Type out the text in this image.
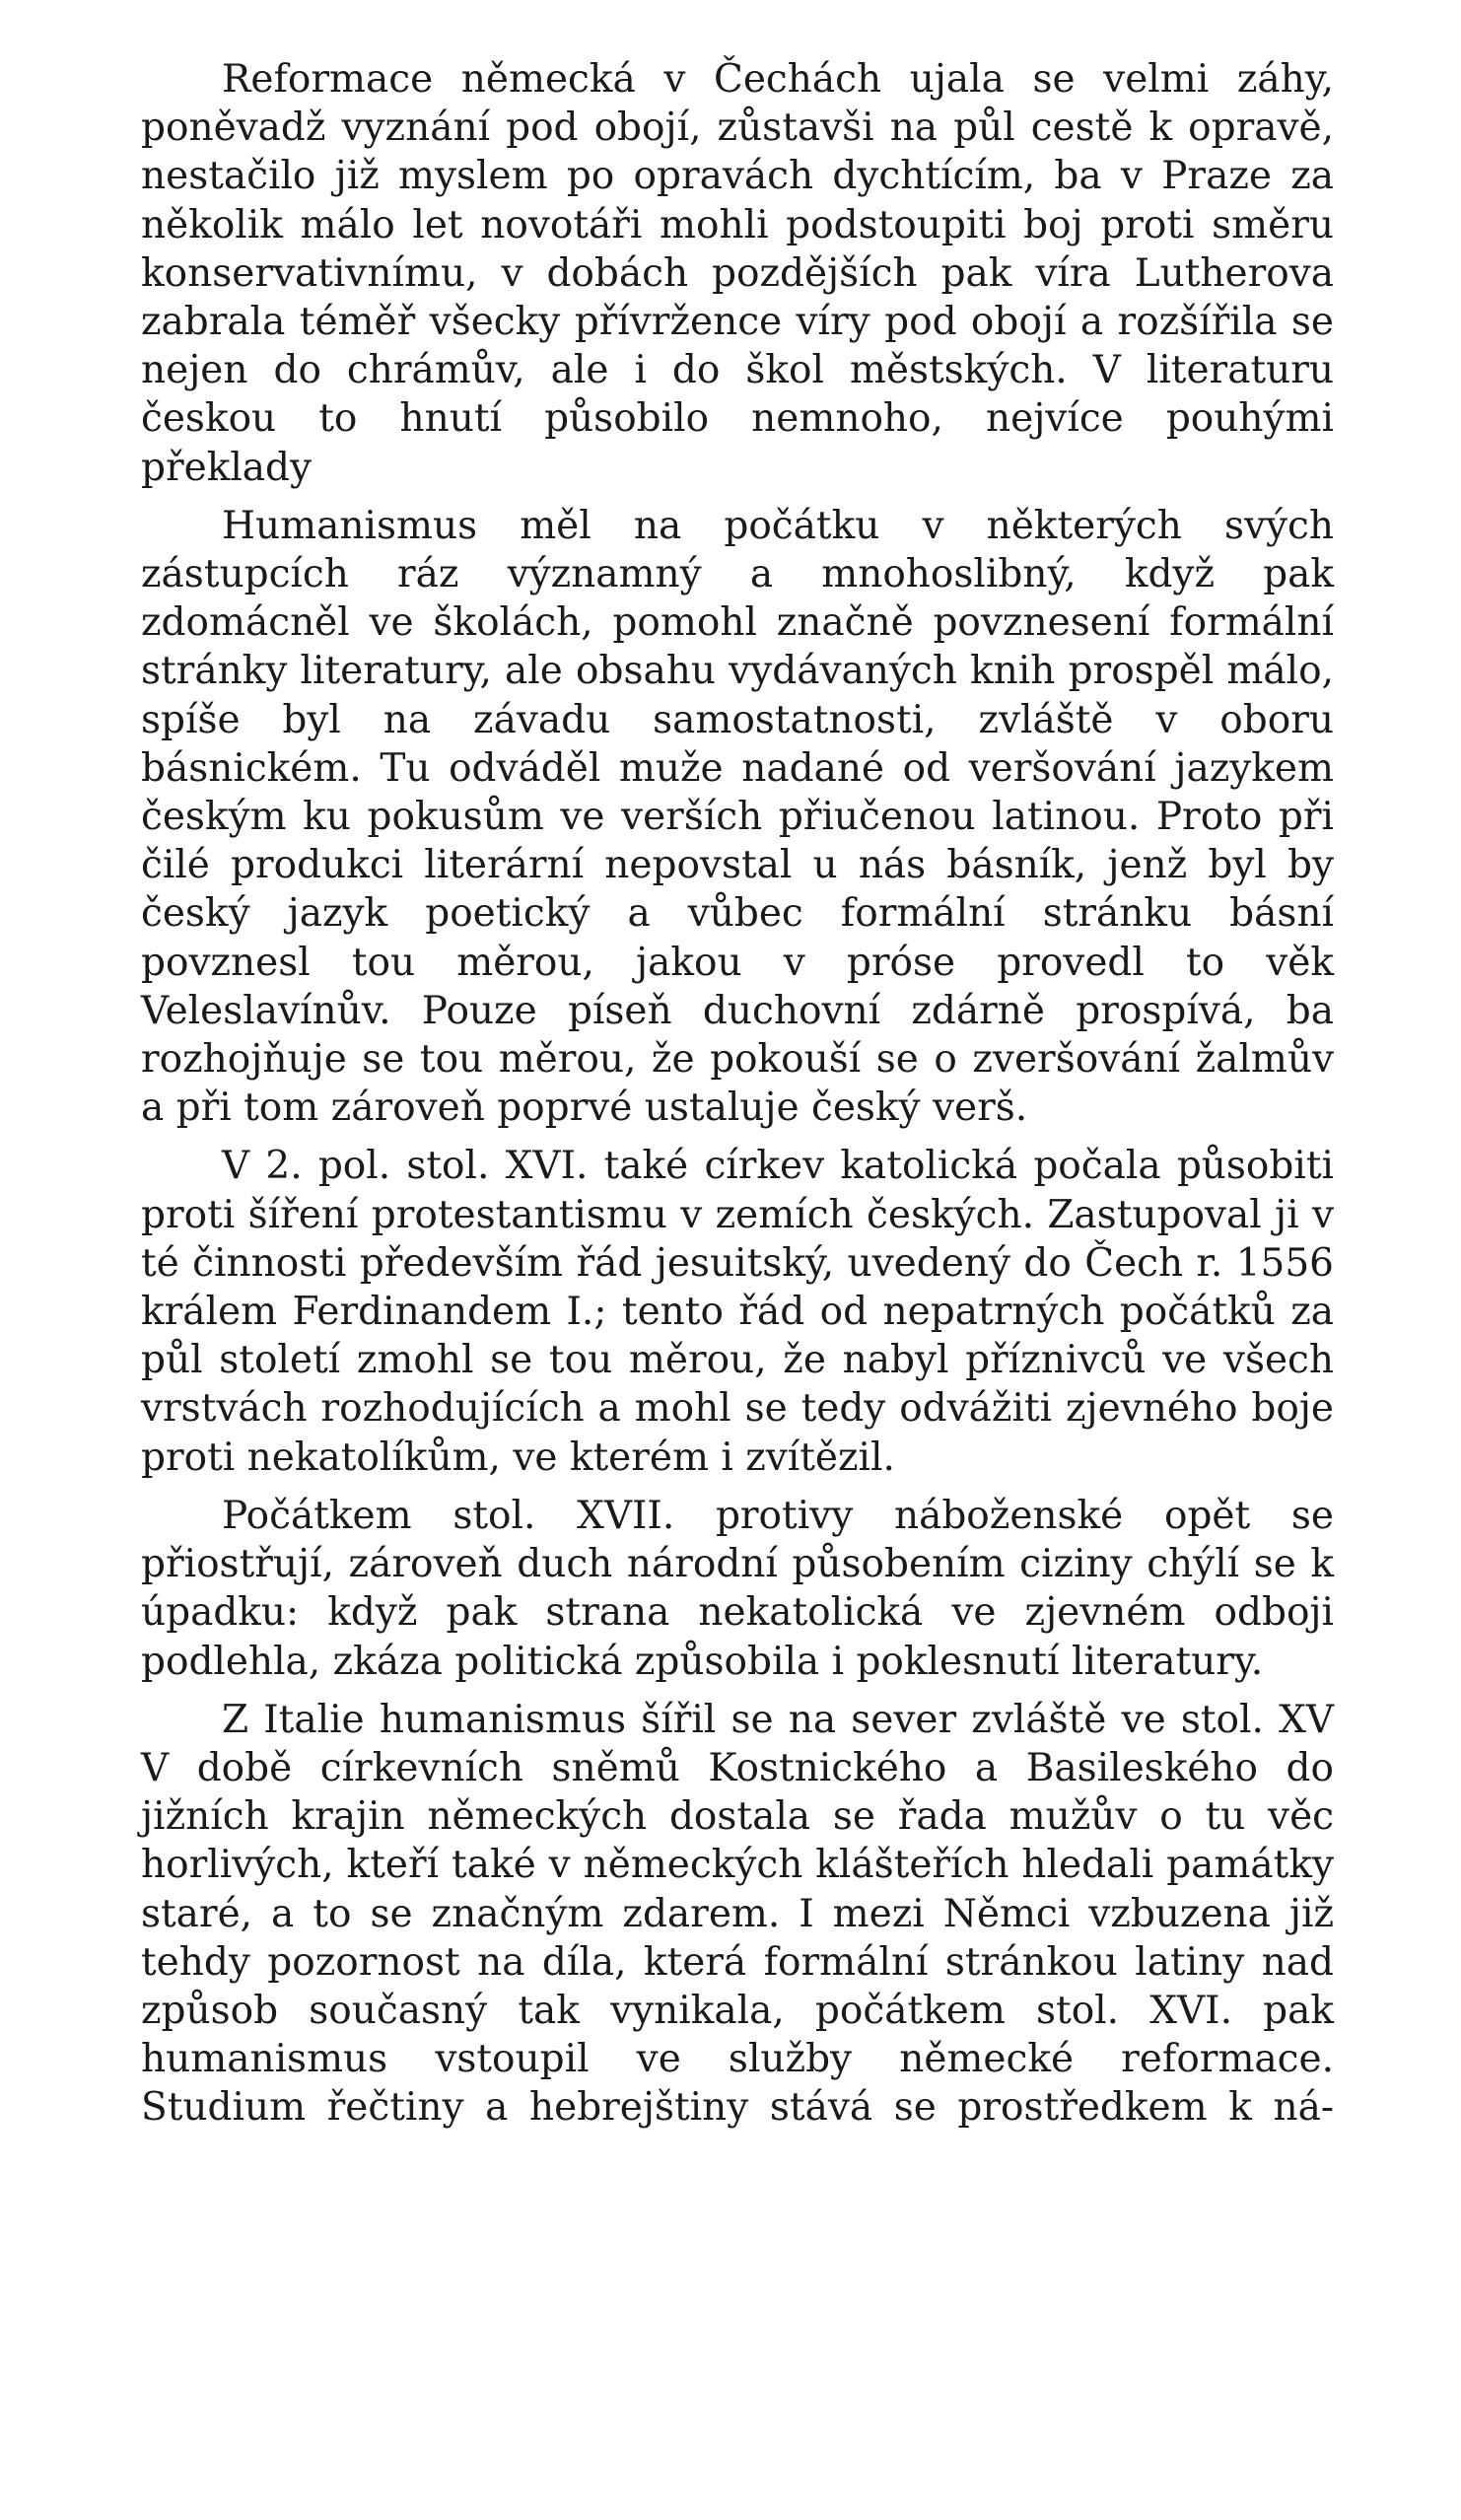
Reformace německá v Čechách ujala se velmi záhy, poněvadž vyznání pod obojí, zůstavši na půl cestě k opravě, nestačilo již myslem po opravách dychtícím, ba v Praze za několik málo let novotáři mohli podstoupiti boj proti směru konservativnímu, v dobách pozdějších pak víra Lutherova zabrala téměř všecky přívržence víry pod obojí a rozšířila se nejen do chrámův, ale i do škol městských. V literaturu českou to hnutí působilo nemnoho, nejvíce pouhými překlady

Humanismus měl na počátku v některých svých zástupcích ráz významný a mnohoslibný, když pak zdomácněl ve školách, pomohl značně povznesení formální stránky literatury, ale obsahu vydávaných knih prospěl málo, spíše byl na závadu samostatnosti, zvláště v oboru básnickém. Tu odváděl muže nadané od veršování jazykem českým ku pokusům ve verších přiučenou latinou. Proto při čilé produkci literární nepovstal u nás básník, jenž byl by český jazyk poetický a vůbec formální stránku básní povznesl tou měrou, jakou v próse provedl to věk Veleslavínův. Pouze píseň duchovní zdárně prospívá, ba rozhojňuje se tou měrou, že pokouší se o zveršování žalmův a při tom zároveň poprvé ustaluje český verš.

V 2. pol. stol. XVI. také církev katolická počala působiti proti šíření protestantismu v zemích českých. Zastupoval ji v té činnosti především řád jesuitský, uvedený do Čech r. 1556 králem Ferdinandem I.; tento řád od nepatrných počátků za půl století zmohl se tou měrou, že nabyl příznivců ve všech vrstvách rozhodujících a mohl se tedy odvážiti zjevného boje proti nekatolíkům, ve kterém i zvítězil.

Počátkem stol. XVII. protivy náboženské opět se přiostřují, zároveň duch národní působením ciziny chýlí se k úpadku: když pak strana nekatolická ve zjevném odboji podlehla, zkáza politická způsobila i poklesnutí literatury.

Z Italie humanismus šířil se na sever zvláště ve stol. XV V době církevních sněmů Kostnického a Basileského do jižních krajin německých dostala se řada mužův o tu věc horlivých, kteří také v německých klášteřích hledali památky staré, a to se značným zdarem. I mezi Němci vzbuzena již tehdy pozornost na díla, která formální stránkou latiny nad způsob současný tak vynikala, počátkem stol. XVI. pak humanismus vstoupil ve služby německé reformace. Studium řečtiny a hebrejštiny stává se prostředkem k ná-
